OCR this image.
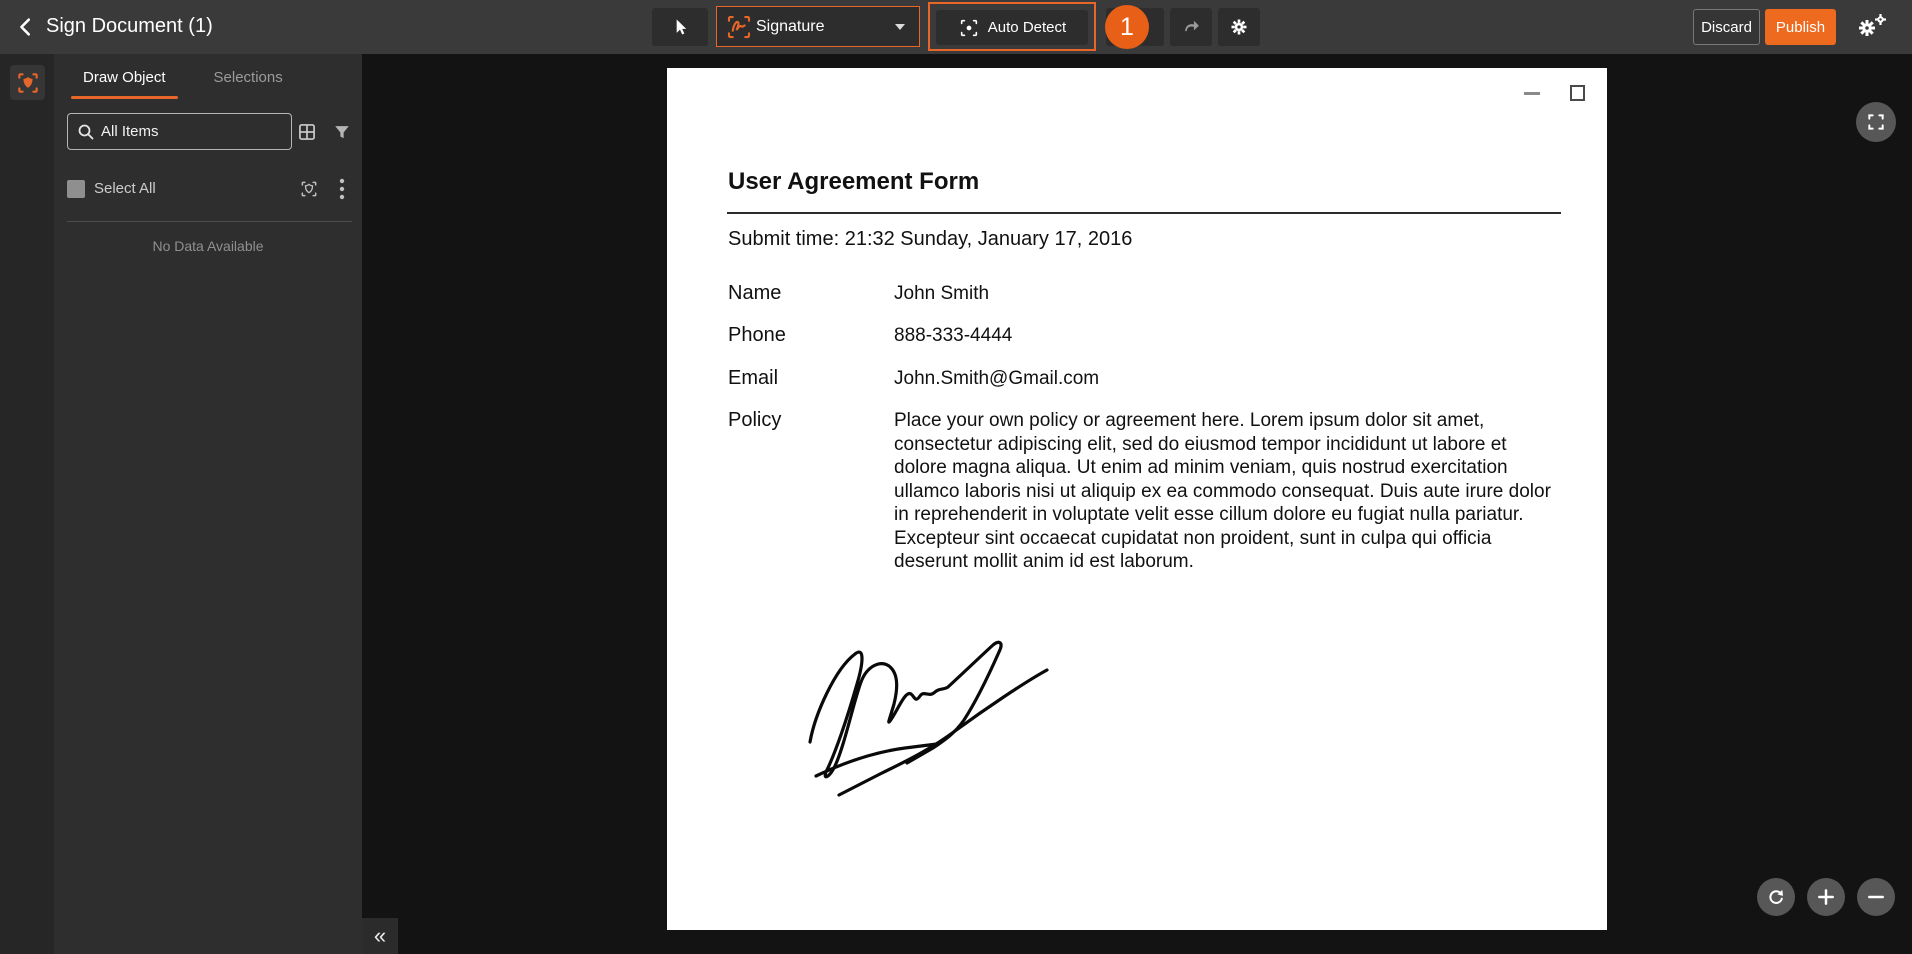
Sign Document (1)	Signature	Auto Detect	1	Discard	Publish
Draw Object	Selections
All Items
Select All
No Data Available
User Agreement Form
Submit time: 21:32 Sunday, January 17, 2016
Name	John Smith
Phone	888-333-4444
Email	John.Smith@Gmail.com
Policy	Place your own policy or agreement here. Lorem ipsum dolor sit amet, consectetur adipiscing elit, sed do eiusmod tempor incididunt ut labore et dolore magna aliqua. Ut enim ad minim veniam, quis nostrud exercitation ullamco laboris nisi ut aliquip ex ea commodo consequat. Duis aute irure dolor in reprehenderit in voluptate velit esse cillum dolore eu fugiat nulla pariatur. Excepteur sint occaecat cupidatat non proident, sunt in culpa qui officia deserunt mollit anim id est laborum.
«
